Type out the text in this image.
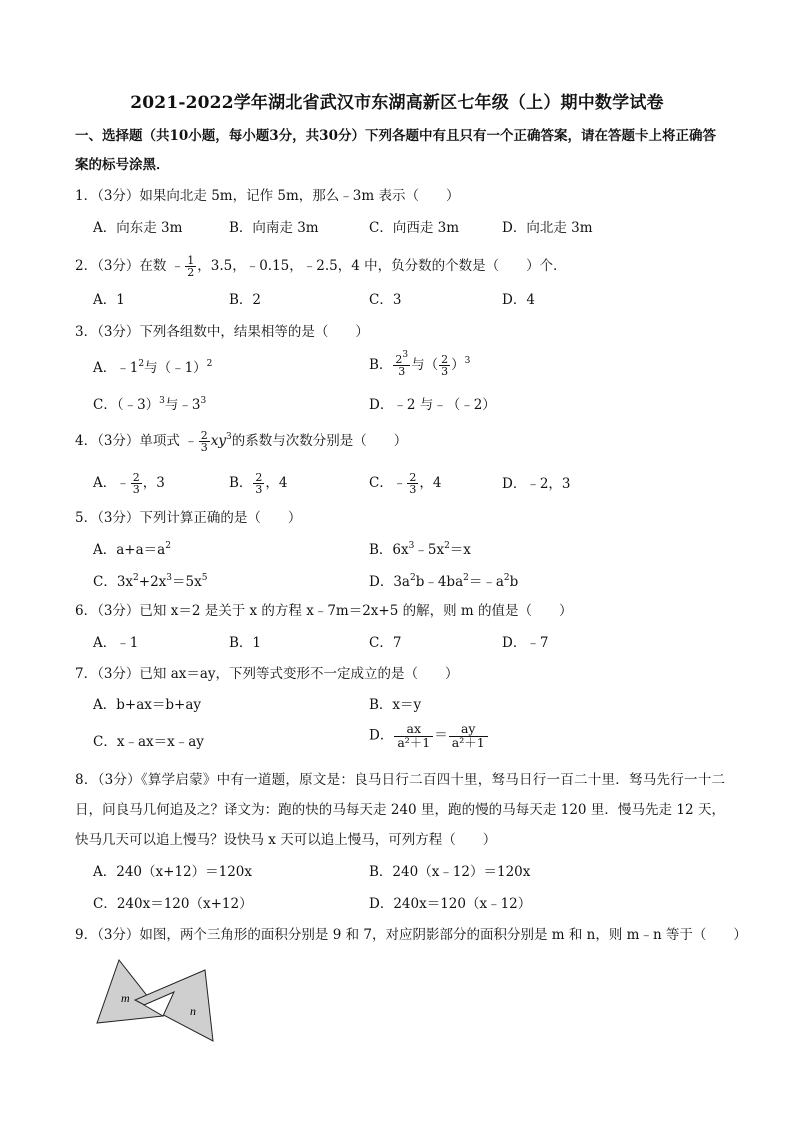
2021-2022学年湖北省武汉市东湖高新区七年级（上）期中数学试卷
一、选择题（共10小题，每小题3分，共30分）下列各题中有且只有一个正确答案，请在答题卡上将正确答案的标号涂黑．
1．（3分）如果向北走 5m，记作 5m，那么﹣3m 表示（　　）
A．向东走 3m	B．向南走 3m	C．向西走 3m	D．向北走 3m
2．（3分）在数 ﹣ $\frac{1}{2}$ ，3.5，﹣0.15，﹣2.5，4 中，负分数的个数是（　　）个．
A．1	B．2	C．3	D．4
3．（3分）下列各组数中，结果相等的是（　　）
A．$﹣1^2$与（﹣1）$^2$	B． $\frac{2^3}{3}$ 与（ $\frac{2}{3} )^3$
C．（﹣3）$^3$与$﹣3^3$	D．﹣2 与﹣（﹣2）
4．（3分）单项式 ﹣ $\frac{2}{3} xy^3$的系数与次数分别是（　　）
A．﹣ $\frac{2}{3}$ ，3	B． $\frac{2}{3}$ ，4	C．﹣ $\frac{2}{3}$ ，4	D．﹣2，3
5．（3分）下列计算正确的是（　　）
A．$a+a=a^2$	B．$6x^3﹣5x^2=x$
C．$3x^2+2x^3=5x^5$	D．$3a^2b﹣4ba^2=﹣a^2b$
6．（3分）已知 x＝2 是关于 x 的方程 x﹣7m＝2x+5 的解，则 m 的值是（　　）
A．﹣1	B．1	C．7	D．﹣7
7．（3分）已知 ax＝ay，下列等式变形不一定成立的是（　　）
A．b+ax＝b+ay	B．x＝y
C．x﹣ax＝x﹣ay	D． $\frac{ax}{\text{a²＋1}} = \frac{ay}{\text{a²＋1}}$
8．（3分）《算学启蒙》中有一道题，原文是：良马日行二百四十里，驽马日行一百二十里．驽马先行一十二日，问良马几何追及之？译文为：跑的快的马每天走 240 里，跑的慢的马每天走 120 里．慢马先走 12 天，快马几天可以追上慢马？设快马 x 天可以追上慢马，可列方程（　　）
A．240（x+12）＝120x	B．240（x﹣12）＝120x
C．240x＝120（x+12）	D．240x＝120（x﹣12）
9．（3分）如图，两个三角形的面积分别是 9 和 7，对应阴影部分的面积分别是 m 和 n，则 m﹣n 等于（　　）
m
n
